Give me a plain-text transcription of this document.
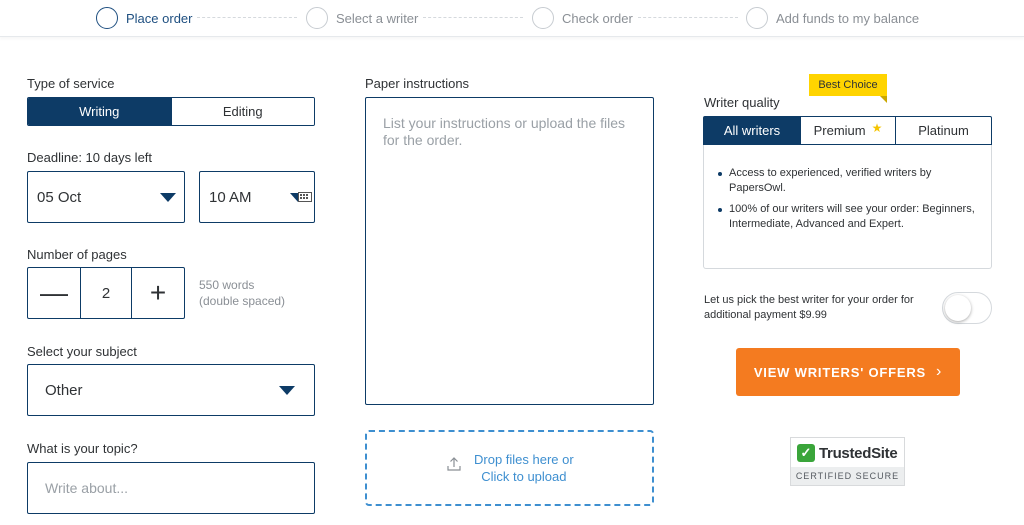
Place order	Select a writer	Check order	Add funds to my balance
Type of service
Writing	Editing
Deadline: 10 days left
05 Oct	10 AM
Number of pages
—	2	+	550 words
(double spaced)
Select your subject
Other
What is your topic?
Write about...
Paper instructions
List your instructions or upload the files for the order.
Drop files here or
Click to upload
Writer quality
Best Choice
All writers	Premium ★	Platinum
Access to experienced, verified writers by PapersOwl.
100% of our writers will see your order: Beginners, Intermediate, Advanced and Expert.
Let us pick the best writer for your order for additional payment $9.99
VIEW WRITERS' OFFERS ›
✓ TrustedSite
CERTIFIED SECURE
